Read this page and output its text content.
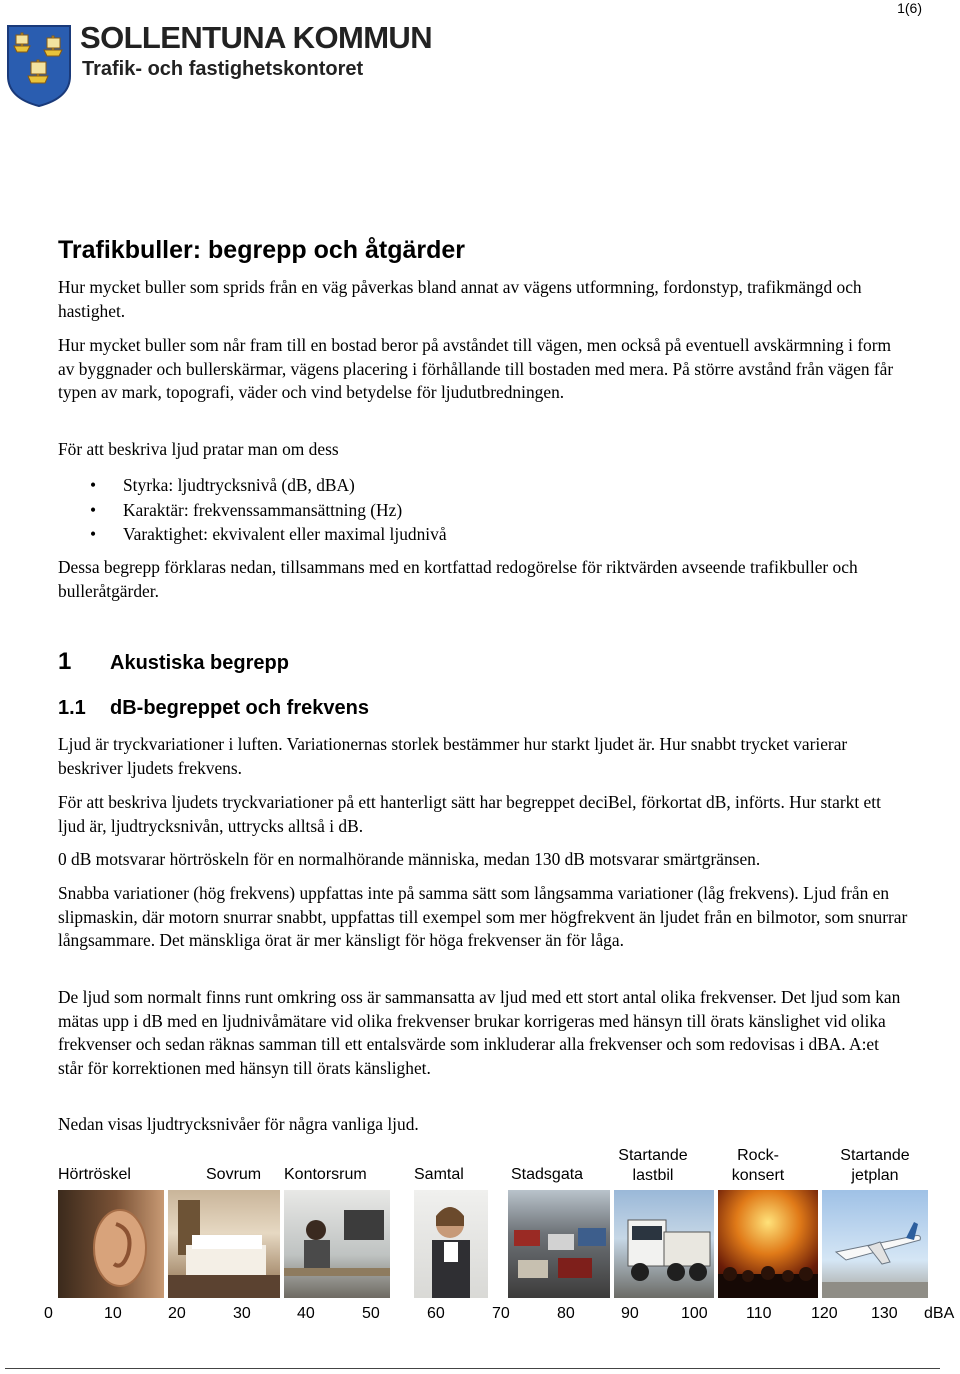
1(6)
SOLLENTUNA KOMMUN
Trafik- och fastighetskontoret
Trafikbuller: begrepp och åtgärder

Hur mycket buller som sprids från en väg påverkas bland annat av vägens utformning, fordonstyp, trafikmängd och hastighet.

Hur mycket buller som når fram till en bostad beror på avståndet till vägen, men också på eventuell avskärmning i form av byggnader och bullerskärmar, vägens placering i förhållande till bostaden med mera. På större avstånd från vägen får typen av mark, topografi, väder och vind betydelse för ljudutbredningen.

För att beskriva ljud pratar man om dess

• Styrka: ljudtrycksnivå (dB, dBA)
• Karaktär: frekvenssammansättning (Hz)
• Varaktighet: ekvivalent eller maximal ljudnivå

Dessa begrepp förklaras nedan, tillsammans med en kortfattad redogörelse för riktvärden avseende trafikbuller och bulleråtgärder.

1 Akustiska begrepp
1.1 dB-begreppet och frekvens

Ljud är tryckvariationer i luften. Variationernas storlek bestämmer hur starkt ljudet är. Hur snabbt trycket varierar beskriver ljudets frekvens.

För att beskriva ljudets tryckvariationer på ett hanterligt sätt har begreppet deciBel, förkortat dB, införts. Hur starkt ett ljud är, ljudtrycksnivån, uttrycks alltså i dB.

0 dB motsvarar hörtröskeln för en normalhörande människa, medan 130 dB motsvarar smärtgränsen.

Snabba variationer (hög frekvens) uppfattas inte på samma sätt som långsamma variationer (låg frekvens). Ljud från en slipmaskin, där motorn snurrar snabbt, uppfattas till exempel som mer högfrekvent än ljudet från en bilmotor, som snurrar långsammare. Det mänskliga örat är mer känsligt för höga frekvenser än för låga.

De ljud som normalt finns runt omkring oss är sammansatta av ljud med ett stort antal olika frekvenser. Det ljud som kan mätas upp i dB med en ljudnivåmätare vid olika frekvenser brukar korrigeras med hänsyn till örats känslighet vid olika frekvenser och sedan räknas samman till ett entalsvärde som inkluderar alla frekvenser och som redovisas i dBA. A:et står för korrektionen med hänsyn till örats känslighet.

Nedan visas ljudtrycksnivåer för några vanliga ljud.

Hörtröskel	Sovrum Kontorsrum	Samtal	Stadsgata
Startande
lastbil
Rock-
konsert
Startande
jetplan
0	10	20	30	40	50	60	70	80	90	100 110 120 130 dBA
